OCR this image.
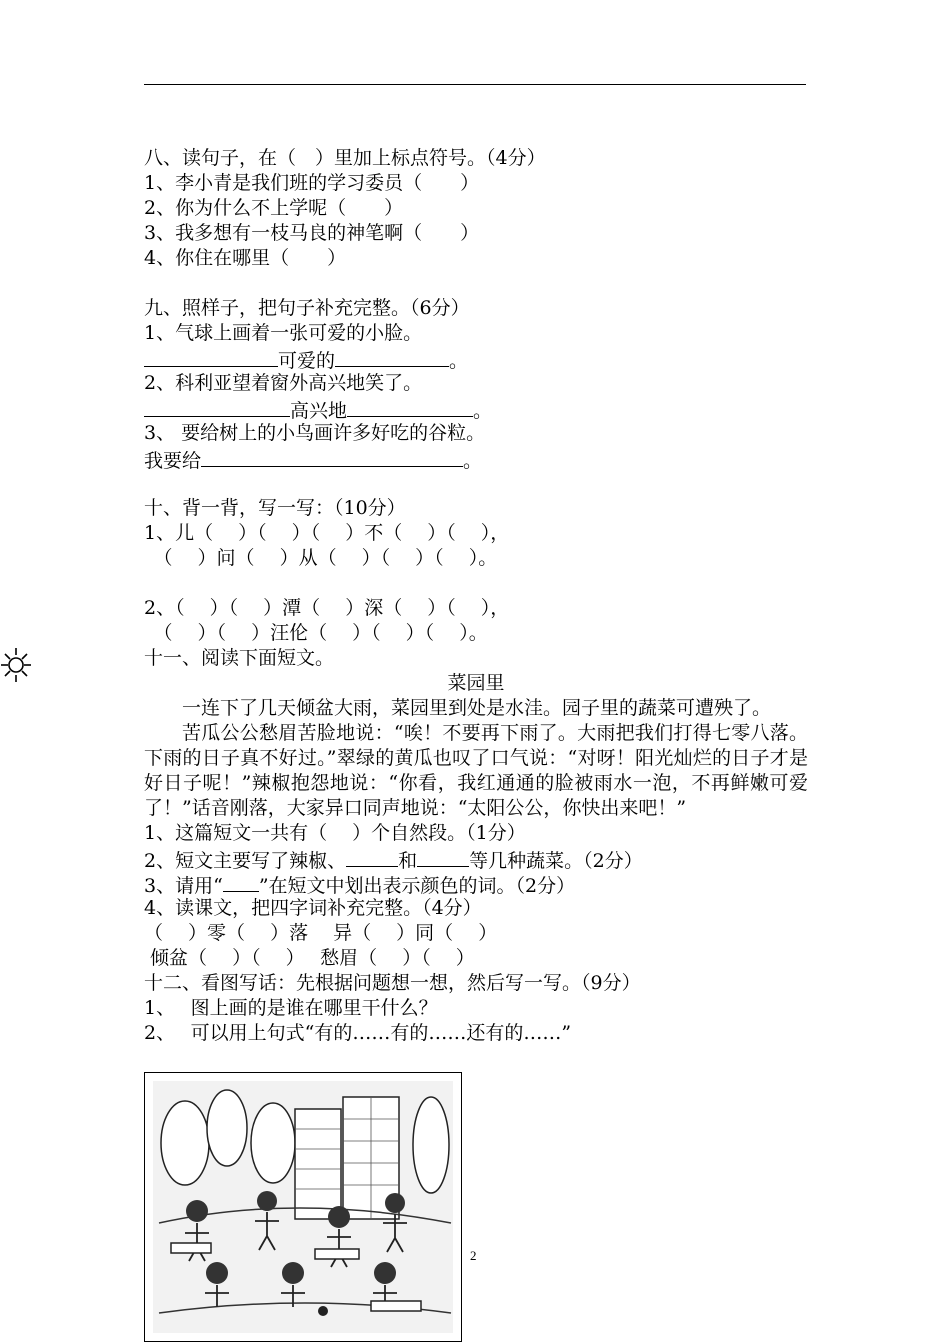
八、读句子，在（　）里加上标点符号。（4分）
1、李小青是我们班的学习委员（　　）
2、你为什么不上学呢（　　）
3、我多想有一枝马良的神笔啊（　　）
4、你住在哪里（　　）
九、照样子，把句子补充完整。（6分）
1、气球上画着一张可爱的小脸。
可爱的	。
2、科利亚望着窗外高兴地笑了。
高兴地	。
3、 要给树上的小鸟画许多好吃的谷粒。
我要给	。
十、背一背，写一写：（10分）
1、儿（　 ）（　 ）（　 ）不（　 ）（　 ），
　（　 ）问（　 ）从（　 ）（　 ）（　 ）。
2、（　 ）（　 ）潭（　 ）深（　 ）（　 ），
　（　 ）（　 ）汪伦（　 ）（　 ）（　 ）。
十一、阅读下面短文。
菜园里
一连下了几天倾盆大雨，菜园里到处是水洼。园子里的蔬菜可遭殃了。
苦瓜公公愁眉苦脸地说：“唉！不要再下雨了。大雨把我们打得七零八落。下雨的日子真不好过。”翠绿的黄瓜也叹了口气说：“对呀！阳光灿烂的日子才是好日子呢！”辣椒抱怨地说：“你看，我红通通的脸被雨水一泡，不再鲜嫩可爱了！”话音刚落，大家异口同声地说：“太阳公公，你快出来吧！”
1、这篇短文一共有（　 ）个自然段。（1分）
2、短文主要写了辣椒、	和	等几种蔬菜。（2分）
3、请用“ ”在短文中划出表示颜色的词。（2分）
4、读课文，把四字词补充完整。（4分）
（　 ）零（　 ）落　 异（　 ）同（　 ）
倾盆（　 ）（　 ）　 愁眉（　 ）（　 ）
十二、看图写话：先根据问题想一想，然后写一写。（9分）
1、　 图上画的是谁在哪里干什么？
2、　 可以用上句式“有的……有的……还有的……”
2
